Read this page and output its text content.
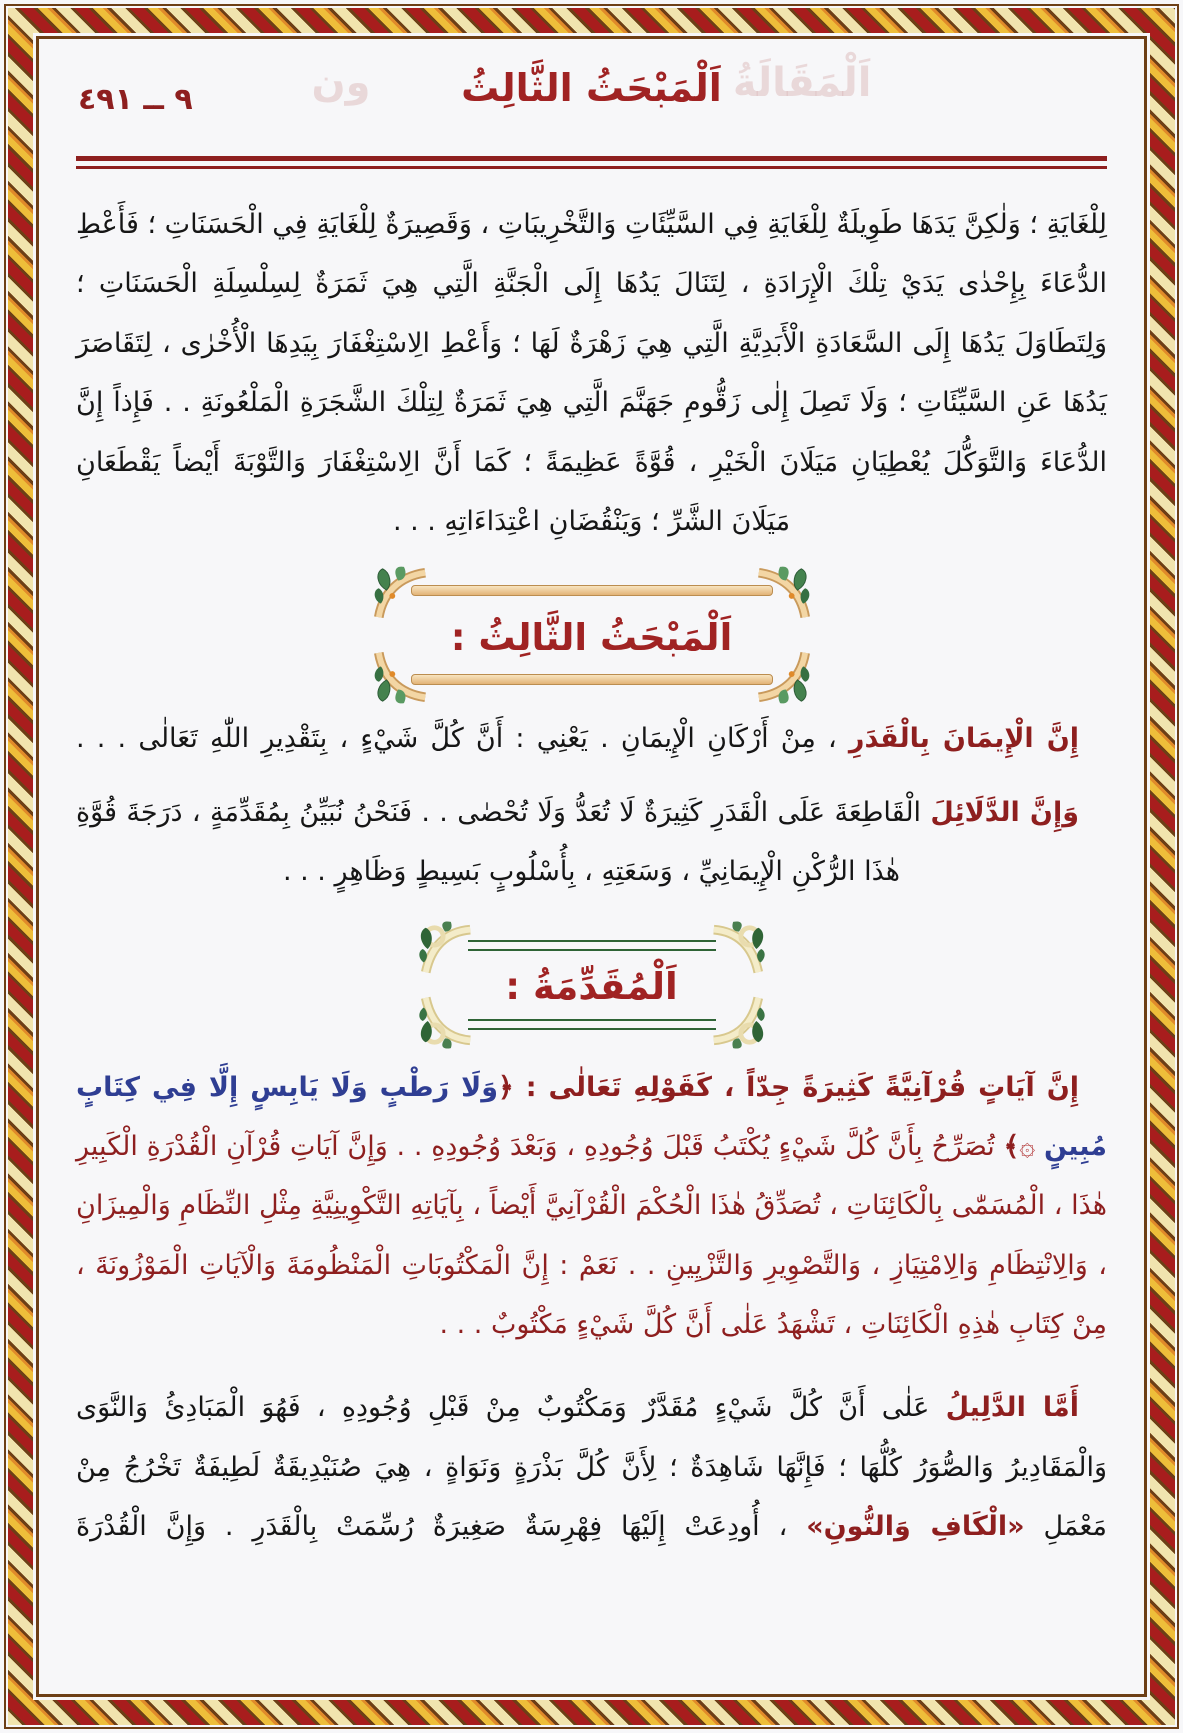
اَلْمَقَالَةُ
ون
٩ ــ ٤٩١	اَلْمَبْحَثُ الثَّالِثُ

لِلْغَايَةِ ؛ وَلٰكِنَّ يَدَهَا طَوِيلَةٌ لِلْغَايَةِ فِي السَّيِّئَاتِ وَالتَّخْرِيبَاتِ ، وَقَصِيرَةٌ لِلْغَايَةِ فِي الْحَسَنَاتِ ؛ فَأَعْطِ الدُّعَاءَ بِإِحْدٰى يَدَيْ تِلْكَ الْإِرَادَةِ ، لِتَنَالَ يَدُهَا إِلَى الْجَنَّةِ الَّتِي هِيَ ثَمَرَةٌ لِسِلْسِلَةِ الْحَسَنَاتِ ؛ وَلِتَطَاوَلَ يَدُهَا إِلَى السَّعَادَةِ الْأَبَدِيَّةِ الَّتِي هِيَ زَهْرَةٌ لَهَا ؛ وَأَعْطِ الِاسْتِغْفَارَ بِيَدِهَا الْأُخْرٰى ، لِتَقَاصَرَ يَدُهَا عَنِ السَّيِّئَاتِ ؛ وَلَا تَصِلَ إِلٰى زَقُّومِ جَهَنَّمَ الَّتِي هِيَ ثَمَرَةٌ لِتِلْكَ الشَّجَرَةِ الْمَلْعُونَةِ . . فَإِذاً إِنَّ الدُّعَاءَ وَالتَّوَكُّلَ يُعْطِيَانِ مَيَلَانَ الْخَيْرِ ، قُوَّةً عَظِيمَةً ؛ كَمَا أَنَّ الِاسْتِغْفَارَ وَالتَّوْبَةَ أَيْضاً يَقْطَعَانِ مَيَلَانَ الشَّرِّ ؛ وَيَنْقُضَانِ اعْتِدَاءَاتِهِ . . .

اَلْمَبْحَثُ الثَّالِثُ :

إِنَّ الْإِيمَانَ بِالْقَدَرِ ، مِنْ أَرْكَانِ الْإِيمَانِ . يَعْنِي : أَنَّ كُلَّ شَيْءٍ ، بِتَقْدِيرِ اللّٰهِ تَعَالٰى . . .

وَإِنَّ الدَّلَائِلَ الْقَاطِعَةَ عَلَى الْقَدَرِ كَثِيرَةٌ لَا تُعَدُّ وَلَا تُحْصٰى . . فَنَحْنُ نُبَيِّنُ بِمُقَدِّمَةٍ ، دَرَجَةَ قُوَّةِ هٰذَا الرُّكْنِ الْإِيمَانِيِّ ، وَسَعَتِهِ ، بِأُسْلُوبٍ بَسِيطٍ وَظَاهِرٍ . . .

اَلْمُقَدِّمَةُ :

إِنَّ آيَاتٍ قُرْآنِيَّةً كَثِيرَةً جِدّاً ، كَقَوْلِهِ تَعَالٰى : ﴿وَلَا رَطْبٍ وَلَا يَابِسٍ إِلَّا فِي كِتَابٍ مُبِينٍ ۞﴾ تُصَرِّحُ بِأَنَّ كُلَّ شَيْءٍ يُكْتَبُ قَبْلَ وُجُودِهِ ، وَبَعْدَ وُجُودِهِ . . وَإِنَّ آيَاتِ قُرْآنِ الْقُدْرَةِ الْكَبِيرِ هٰذَا ، الْمُسَمّٰى بِالْكَائِنَاتِ ، تُصَدِّقُ هٰذَا الْحُكْمَ الْقُرْآنِيَّ أَيْضاً ، بِآيَاتِهِ التَّكْوِينِيَّةِ مِثْلِ النِّظَامِ وَالْمِيزَانِ ، وَالِانْتِظَامِ وَالِامْتِيَازِ ، وَالتَّصْوِيرِ وَالتَّزْيِينِ . . نَعَمْ : إِنَّ الْمَكْتُوبَاتِ الْمَنْظُومَةَ وَالْآيَاتِ الْمَوْزُونَةَ ، مِنْ كِتَابِ هٰذِهِ الْكَائِنَاتِ ، تَشْهَدُ عَلٰى أَنَّ كُلَّ شَيْءٍ مَكْتُوبٌ . . .

أَمَّا الدَّلِيلُ عَلٰى أَنَّ كُلَّ شَيْءٍ مُقَدَّرٌ وَمَكْتُوبٌ مِنْ قَبْلِ وُجُودِهِ ، فَهُوَ الْمَبَادِئُ وَالنَّوَى وَالْمَقَادِيرُ وَالصُّوَرُ كُلُّهَا ؛ فَإِنَّهَا شَاهِدَةٌ ؛ لِأَنَّ كُلَّ بَذْرَةٍ وَنَوَاةٍ ، هِيَ صُنَيْدِيقَةٌ لَطِيفَةٌ تَخْرُجُ مِنْ مَعْمَلِ «الْكَافِ وَالنُّونِ» ، أُودِعَتْ إِلَيْهَا فِهْرِسَةٌ صَغِيرَةٌ رُسِّمَتْ بِالْقَدَرِ . وَإِنَّ الْقُدْرَةَ
